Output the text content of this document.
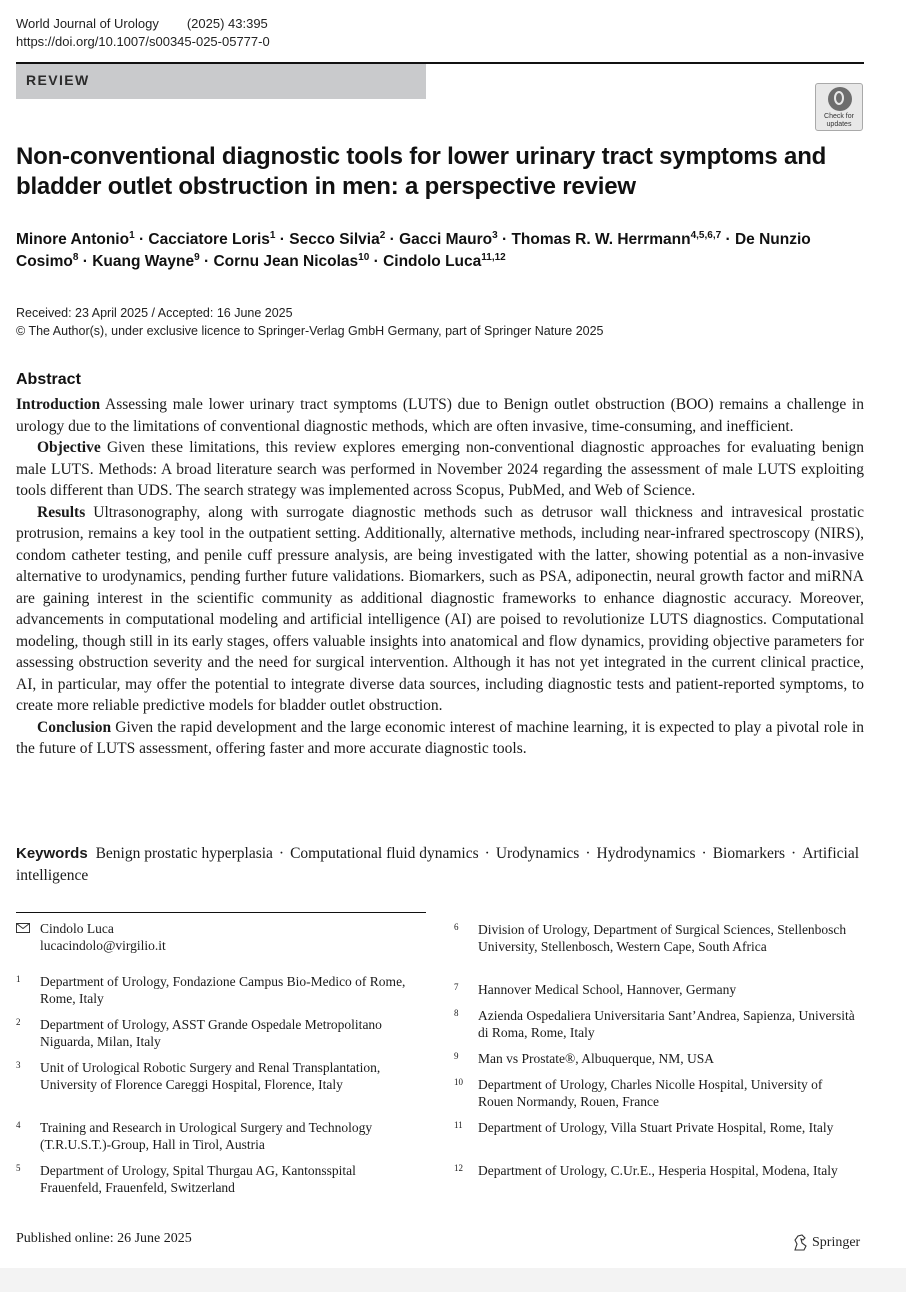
World Journal of Urology (2025) 43:395
https://doi.org/10.1007/s00345-025-05777-0
REVIEW
Check for
updates
Non-conventional diagnostic tools for lower urinary tract symptoms and bladder outlet obstruction in men: a perspective review
Minore Antonio$^1$ · Cacciatore Loris$^1$ · Secco Silvia$^2$ · Gacci Mauro$^3$ · Thomas R. W. Herrmann$^{4,5,6,7}$ · De Nunzio Cosimo$^8$ · Kuang Wayne$^9$ · Cornu Jean Nicolas$^{10}$ · Cindolo Luca$^{11,12}$
Received: 23 April 2025 / Accepted: 16 June 2025
© The Author(s), under exclusive licence to Springer-Verlag GmbH Germany, part of Springer Nature 2025
Abstract

Introduction Assessing male lower urinary tract symptoms (LUTS) due to Benign outlet obstruction (BOO) remains a challenge in urology due to the limitations of conventional diagnostic methods, which are often invasive, time-consuming, and inefficient.

Objective Given these limitations, this review explores emerging non-conventional diagnostic approaches for evaluating benign male LUTS. Methods: A broad literature search was performed in November 2024 regarding the assessment of male LUTS exploiting tools different than UDS. The search strategy was implemented across Scopus, PubMed, and Web of Science.

Results Ultrasonography, along with surrogate diagnostic methods such as detrusor wall thickness and intravesical prostatic protrusion, remains a key tool in the outpatient setting. Additionally, alternative methods, including near-infrared spectroscopy (NIRS), condom catheter testing, and penile cuff pressure analysis, are being investigated with the latter, showing potential as a non-invasive alternative to urodynamics, pending further future validations. Biomarkers, such as PSA, adiponectin, neural growth factor and miRNA are gaining interest in the scientific community as additional diagnostic frameworks to enhance diagnostic accuracy. Moreover, advancements in computational modeling and artificial intelligence (AI) are poised to revolutionize LUTS diagnostics. Computational modeling, though still in its early stages, offers valuable insights into anatomical and flow dynamics, providing objective parameters for assessing obstruction severity and the need for surgical intervention. Although it has not yet integrated in the current clinical practice, AI, in particular, may offer the potential to integrate diverse data sources, including diagnostic tests and patient-reported symptoms, to create more reliable predictive models for bladder outlet obstruction.

Conclusion Given the rapid development and the large economic interest of machine learning, it is expected to play a pivotal role in the future of LUTS assessment, offering faster and more accurate diagnostic tools.

Keywords Benign prostatic hyperplasia · Computational fluid dynamics · Urodynamics · Hydrodynamics · Biomarkers · Artificial intelligence
Cindolo Luca
lucacindolo@virgilio.it
1 Department of Urology, Fondazione Campus Bio-Medico of Rome, Rome, Italy
2 Department of Urology, ASST Grande Ospedale Metropolitano Niguarda, Milan, Italy
3 Unit of Urological Robotic Surgery and Renal Transplantation, University of Florence Careggi Hospital, Florence, Italy
4 Training and Research in Urological Surgery and Technology (T.R.U.S.T.)-Group, Hall in Tirol, Austria
5 Department of Urology, Spital Thurgau AG, Kantonsspital Frauenfeld, Frauenfeld, Switzerland
6 Division of Urology, Department of Surgical Sciences, Stellenbosch University, Stellenbosch, Western Cape, South Africa
7 Hannover Medical School, Hannover, Germany
8 Azienda Ospedaliera Universitaria Sant’Andrea, Sapienza, Università di Roma, Rome, Italy
9 Man vs Prostate®, Albuquerque, NM, USA
10 Department of Urology, Charles Nicolle Hospital, University of Rouen Normandy, Rouen, France
11 Department of Urology, Villa Stuart Private Hospital, Rome, Italy
12 Department of Urology, C.Ur.E., Hesperia Hospital, Modena, Italy
Published online: 26 June 2025	Springer
